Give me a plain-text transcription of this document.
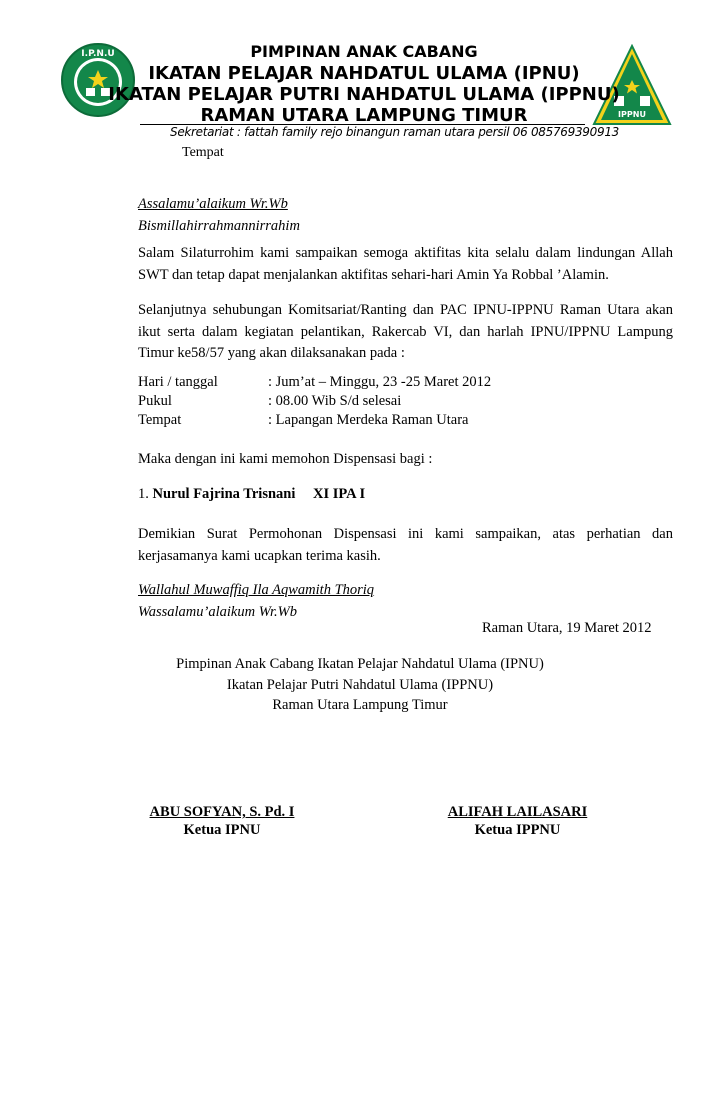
I.P.N.U
IPPNU
PIMPINAN ANAK CABANG
IKATAN PELAJAR NAHDATUL ULAMA (IPNU)
IKATAN PELAJAR PUTRI NAHDATUL ULAMA (IPPNU)
RAMAN UTARA LAMPUNG TIMUR
Sekretariat : fattah family rejo binangun raman utara persil 06 085769390913
Tempat

Assalamu’alaikum Wr.Wb

Bismillahirrahmannirrahim

Salam Silaturrohim kami sampaikan semoga aktifitas kita selalu dalam lindungan Allah SWT dan tetap dapat menjalankan aktifitas sehari-hari Amin Ya Robbal ’Alamin.

Selanjutnya sehubungan Komitsariat/Ranting dan PAC IPNU-IPPNU Raman Utara akan ikut serta dalam kegiatan pelantikan, Rakercab VI, dan harlah IPNU/IPPNU Lampung Timur ke58/57 yang akan dilaksanakan pada :

Hari / tanggal	: Jum’at – Minggu, 23 -25 Maret 2012
Pukul	: 08.00 Wib S/d selesai
Tempat	: Lapangan Merdeka Raman Utara
Maka dengan ini kami memohon Dispensasi bagi :
1. Nurul Fajrina Trisnani XI IPA I

Demikian Surat Permohonan Dispensasi ini kami sampaikan, atas perhatian dan kerjasamanya kami ucapkan terima kasih.

Wallahul Muwaffiq Ila Aqwamith Thoriq

Wassalamu’alaikum Wr.Wb

Raman Utara, 19 Maret 2012
Pimpinan Anak Cabang Ikatan Pelajar Nahdatul Ulama (IPNU)
Ikatan Pelajar Putri Nahdatul Ulama (IPPNU)
Raman Utara Lampung Timur
ABU SOFYAN, S. Pd. I
Ketua IPNU
ALIFAH LAILASARI
Ketua IPPNU
